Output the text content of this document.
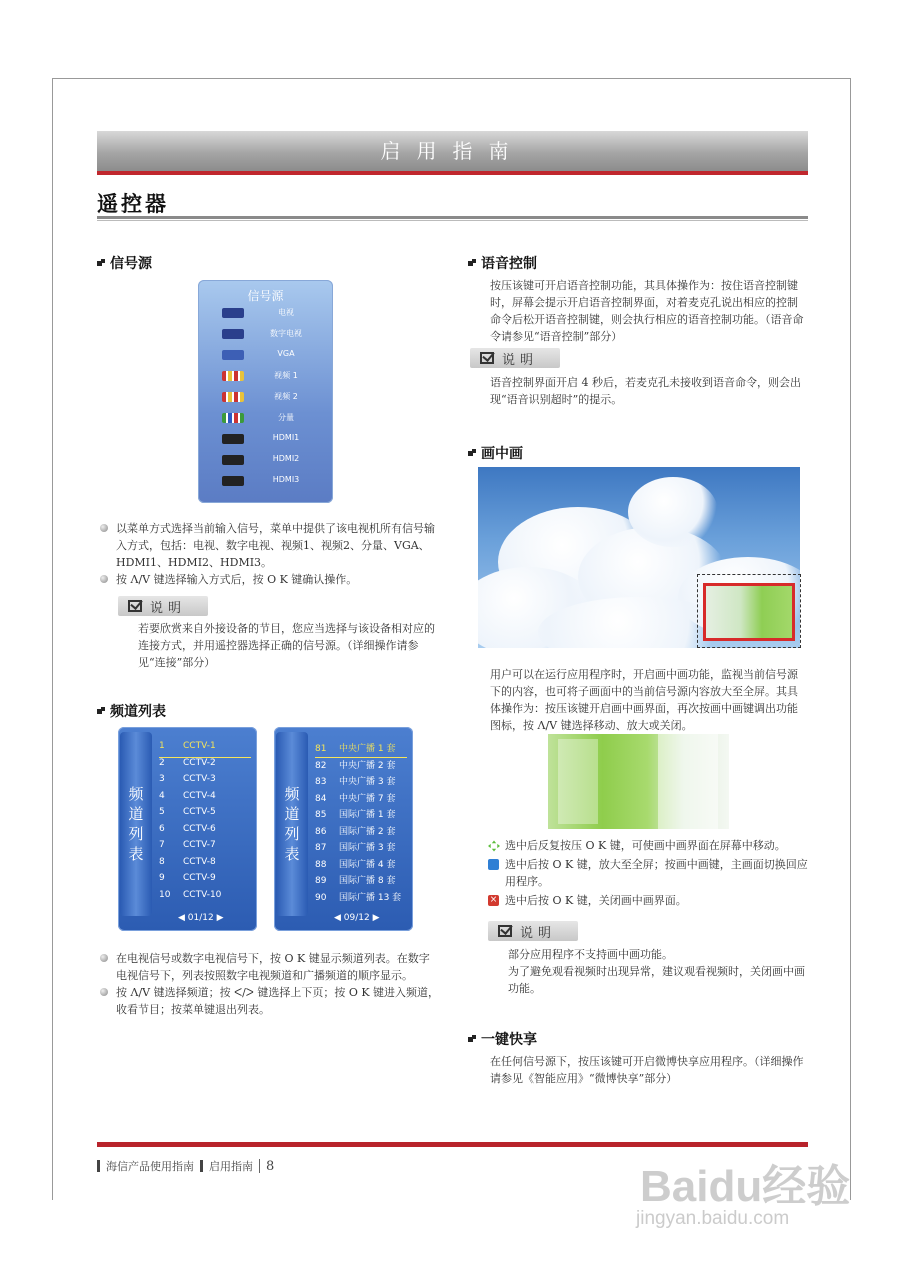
启用指南
遥控器
信号源
信号源
电视
数字电视
VGA
视频 1
视频 2
分量
HDMI1
HDMI2
HDMI3
以菜单方式选择当前输入信号，菜单中提供了该电视机所有信号输入方式，包括：电视、数字电视、视频1、视频2、分量、VGA、HDMI1、HDMI2、HDMI3。
按 Λ/V 键选择输入方式后，按 O K 键确认操作。
说明
若要欣赏来自外接设备的节目，您应当选择与该设备相对应的连接方式，并用遥控器选择正确的信号源。（详细操作请参见“连接”部分）
频道列表
频
道
列
表
1 CCTV-1
2 CCTV-2
3 CCTV-3
4 CCTV-4
5 CCTV-5
6 CCTV-6
7 CCTV-7
8 CCTV-8
9 CCTV-9
10 CCTV-10
◀ 01/12 ▶
频
道
列
表
81 中央广播 1 套
82 中央广播 2 套
83 中央广播 3 套
84 中央广播 7 套
85 国际广播 1 套
86 国际广播 2 套
87 国际广播 3 套
88 国际广播 4 套
89 国际广播 8 套
90 国际广播 13 套
◀ 09/12 ▶
在电视信号或数字电视信号下，按 O K 键显示频道列表。在数字电视信号下，列表按照数字电视频道和广播频道的顺序显示。
按 Λ/V 键选择频道；按 ᐸ/ᐳ 键选择上下页；按 O K 键进入频道，收看节目；按菜单键退出列表。
语音控制
按压该键可开启语音控制功能，其具体操作为：按住语音控制键时，屏幕会提示开启语音控制界面，对着麦克孔说出相应的控制命令后松开语音控制键，则会执行相应的语音控制功能。（语音命令请参见“语音控制”部分）
说明
语音控制界面开启 4 秒后，若麦克孔未接收到语音命令，则会出现“语音识别超时”的提示。
画中画
用户可以在运行应用程序时，开启画中画功能，监视当前信号源下的内容，也可将子画面中的当前信号源内容放大至全屏。其具体操作为：按压该键开启画中画界面，再次按画中画键调出功能图标，按 Λ/V 键选择移动、放大或关闭。
选中后反复按压 O K 键，可使画中画界面在屏幕中移动。
选中后按 O K 键，放大至全屏；按画中画键，主画面切换回应用程序。
× 选中后按 O K 键，关闭画中画界面。
说明
部分应用程序不支持画中画功能。
为了避免观看视频时出现异常，建议观看视频时，关闭画中画功能。
一键快享
在任何信号源下，按压该键可开启微博快享应用程序。（详细操作请参见《智能应用》“微博快享”部分）
海信产品使用指南 启用指南 8	Baidu经验
jingyan.baidu.com
